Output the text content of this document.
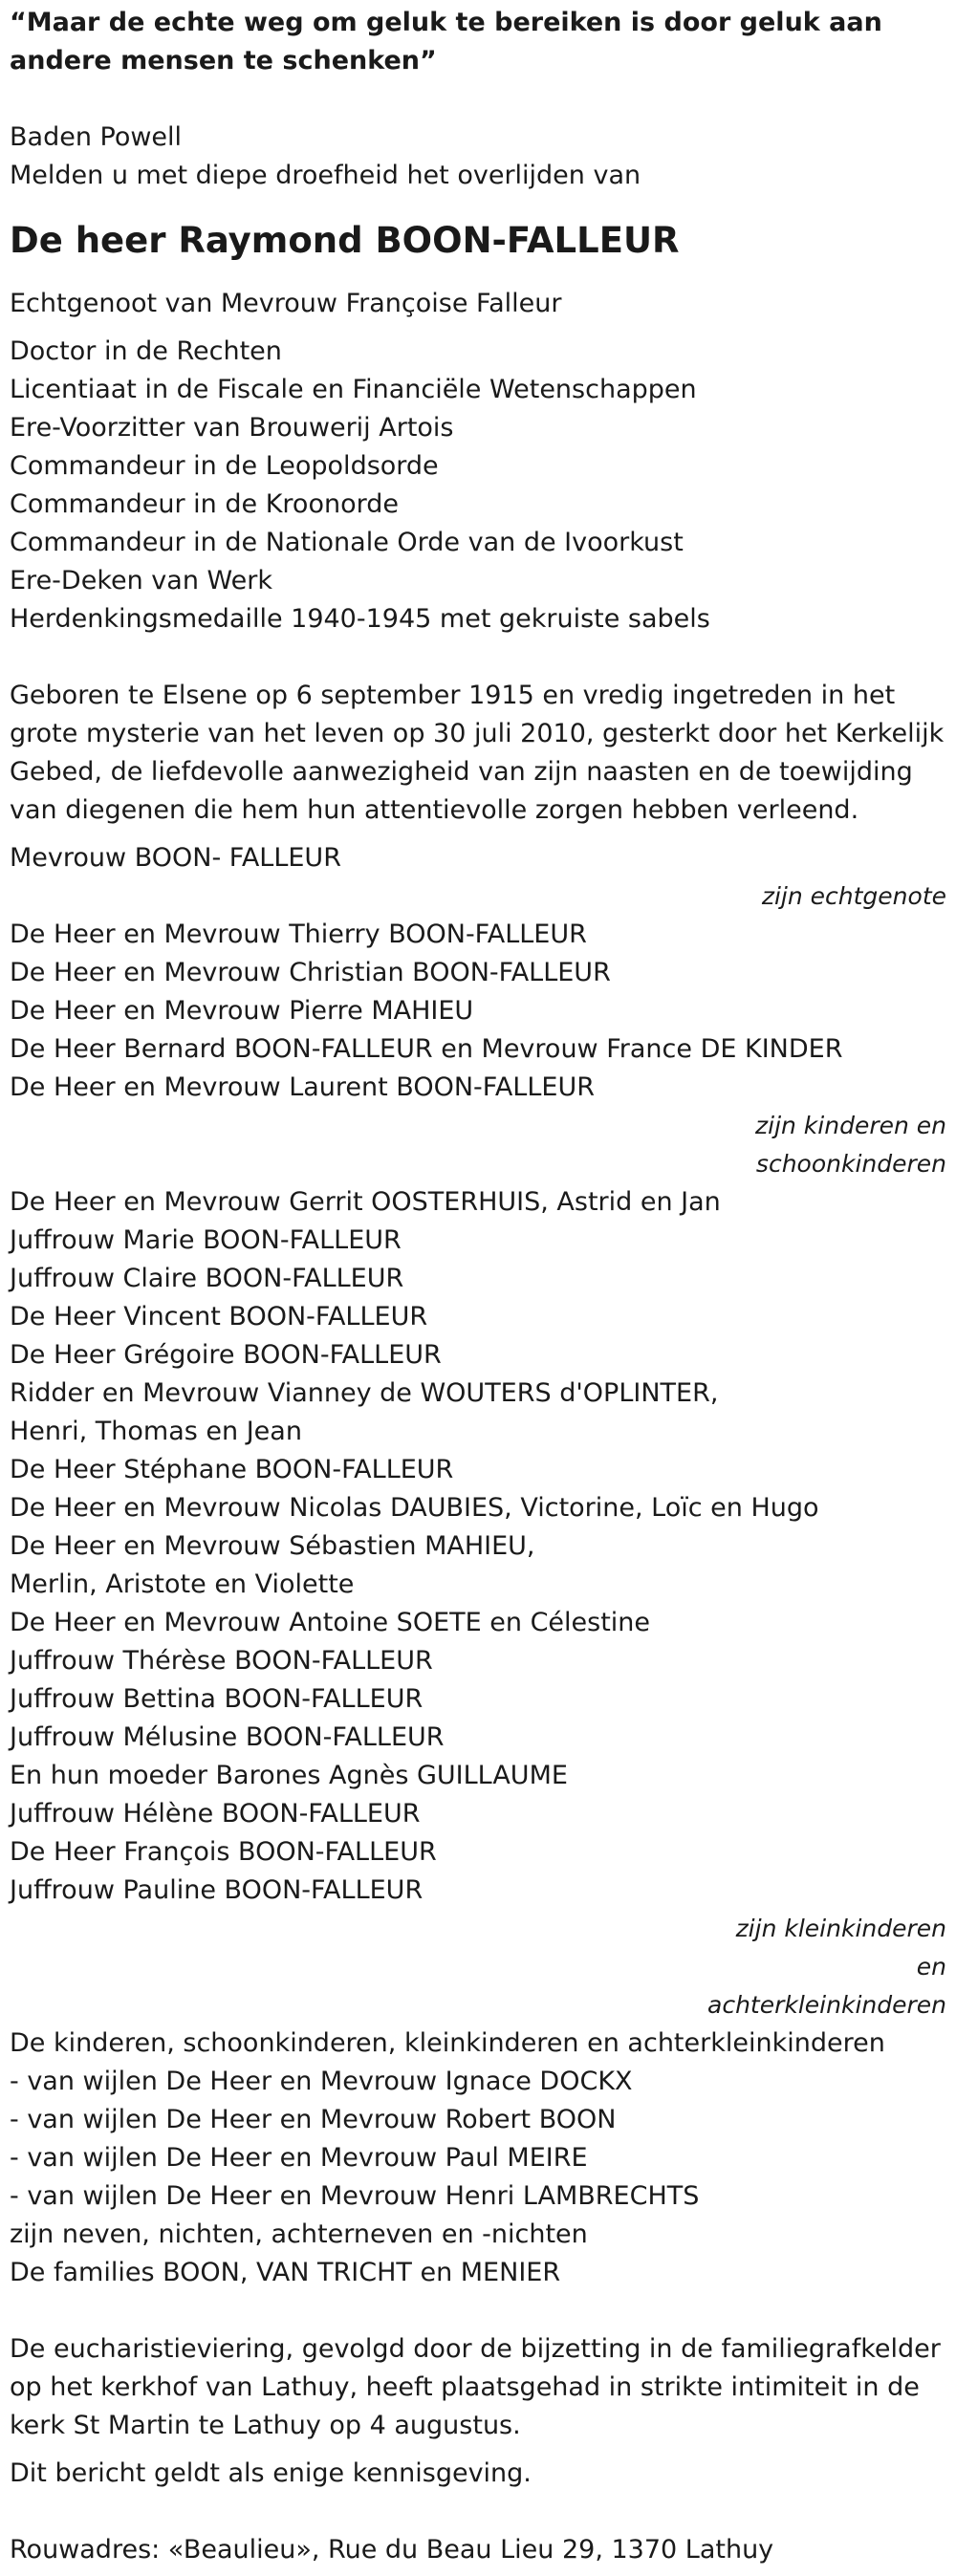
“Maar de echte weg om geluk te bereiken is door geluk aan andere mensen te schenken”

Baden Powell

Melden u met diepe droefheid het overlijden van

De heer Raymond BOON-FALLEUR

Echtgenoot van Mevrouw Françoise Falleur

Doctor in de Rechten

Licentiaat in de Fiscale en Financiële Wetenschappen

Ere-Voorzitter van Brouwerij Artois

Commandeur in de Leopoldsorde

Commandeur in de Kroonorde

Commandeur in de Nationale Orde van de Ivoorkust

Ere-Deken van Werk

Herdenkingsmedaille 1940-1945 met gekruiste sabels

Geboren te Elsene op 6 september 1915 en vredig ingetreden in het grote mysterie van het leven op 30 juli 2010, gesterkt door het Kerkelijk Gebed, de liefdevolle aanwezigheid van zijn naasten en de toewijding van diegenen die hem hun attentievolle zorgen hebben verleend.

Mevrouw BOON- FALLEUR

zijn echtgenote

De Heer en Mevrouw Thierry BOON-FALLEUR

De Heer en Mevrouw Christian BOON-FALLEUR

De Heer en Mevrouw Pierre MAHIEU

De Heer Bernard BOON-FALLEUR en Mevrouw France DE KINDER

De Heer en Mevrouw Laurent BOON-FALLEUR

zijn kinderen en

schoonkinderen

De Heer en Mevrouw Gerrit OOSTERHUIS, Astrid en Jan

Juffrouw Marie BOON-FALLEUR

Juffrouw Claire BOON-FALLEUR

De Heer Vincent BOON-FALLEUR

De Heer Grégoire BOON-FALLEUR

Ridder en Mevrouw Vianney de WOUTERS d'OPLINTER,

Henri, Thomas en Jean

De Heer Stéphane BOON-FALLEUR

De Heer en Mevrouw Nicolas DAUBIES, Victorine, Loïc en Hugo

De Heer en Mevrouw Sébastien MAHIEU,

Merlin, Aristote en Violette

De Heer en Mevrouw Antoine SOETE en Célestine

Juffrouw Thérèse BOON-FALLEUR

Juffrouw Bettina BOON-FALLEUR

Juffrouw Mélusine BOON-FALLEUR

En hun moeder Barones Agnès GUILLAUME

Juffrouw Hélène BOON-FALLEUR

De Heer François BOON-FALLEUR

Juffrouw Pauline BOON-FALLEUR

zijn kleinkinderen

en

achterkleinkinderen

De kinderen, schoonkinderen, kleinkinderen en achterkleinkinderen

- van wijlen De Heer en Mevrouw Ignace DOCKX

- van wijlen De Heer en Mevrouw Robert BOON

- van wijlen De Heer en Mevrouw Paul MEIRE

- van wijlen De Heer en Mevrouw Henri LAMBRECHTS

zijn neven, nichten, achterneven en -nichten

De families BOON, VAN TRICHT en MENIER

De eucharistieviering, gevolgd door de bijzetting in de familiegrafkelder op het kerkhof van Lathuy, heeft plaatsgehad in strikte intimiteit in de kerk St Martin te Lathuy op 4 augustus.

Dit bericht geldt als enige kennisgeving.

Rouwadres: «Beaulieu», Rue du Beau Lieu 29, 1370 Lathuy
